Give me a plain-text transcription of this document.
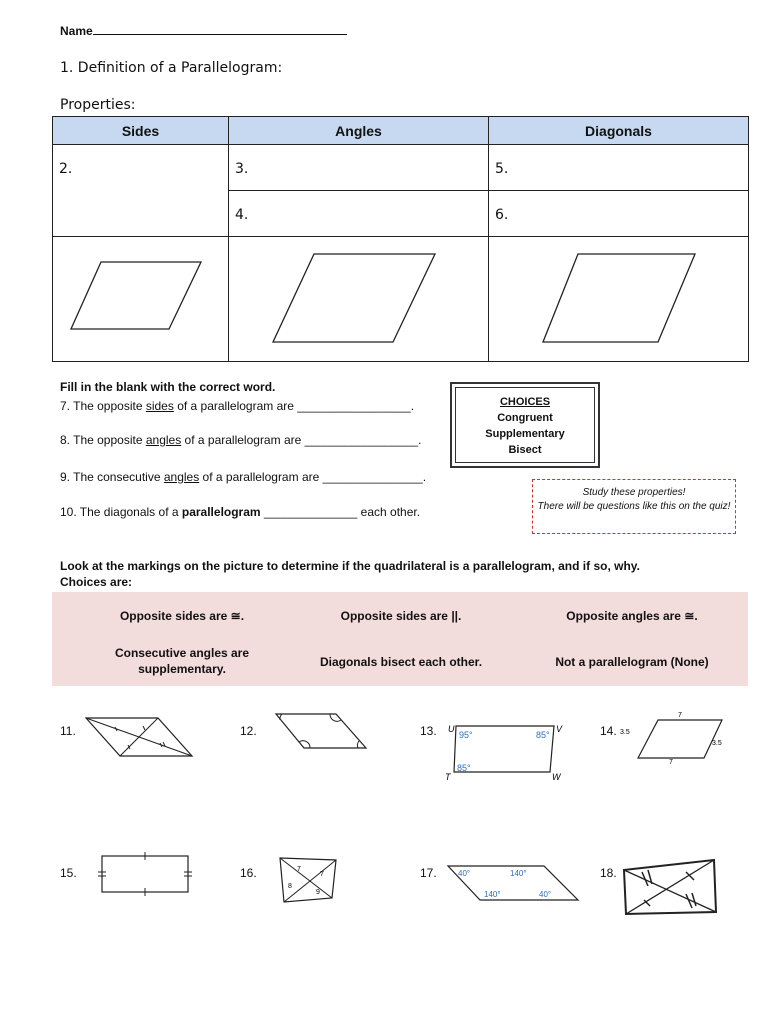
Name
1. Definition of a Parallelogram:
Properties:
Sides	Angles	Diagonals
2.	3.	5.
	4.	6.

Fill in the blank with the correct word.
7. The opposite sides of a parallelogram are _________________.
8. The opposite angles of a parallelogram are _________________.
9. The consecutive angles of a parallelogram are _______________.
10. The diagonals of a parallelogram ______________ each other.
CHOICES
Congruent
Supplementary
Bisect
Study these properties!
There will be questions like this on the quiz!
Look at the markings on the picture to determine if the quadrilateral is a parallelogram, and if so, why.
Choices are:
Opposite sides are ≅.	Opposite sides are ||.	Opposite angles are ≅.
Consecutive angles are supplementary.	Diagonals bisect each other.	Not a parallelogram (None)
11.	12.	13. U	V
T	W
95°	85°
85°
14.
7
7
3.5
3.5
15.	16.	7
7
8
9
17.	40°	140°
140°	40°
18.
